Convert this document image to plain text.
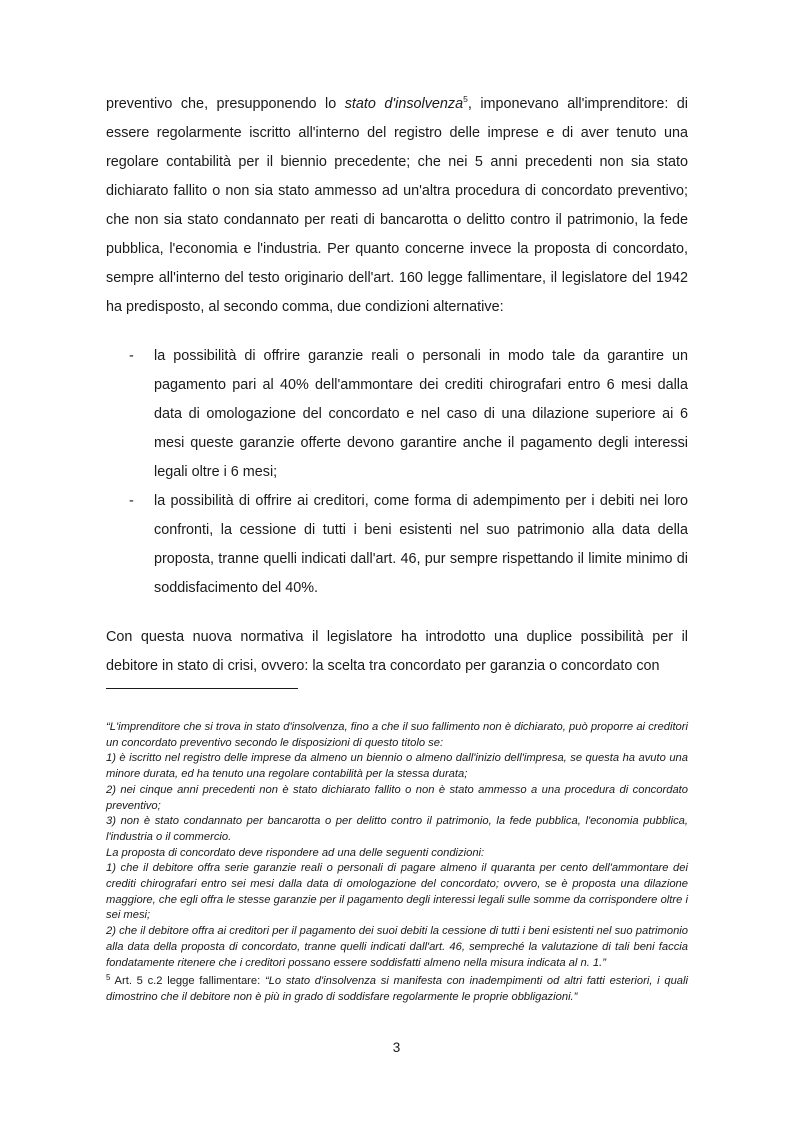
preventivo che, presupponendo lo stato d'insolvenza$^5$, imponevano all'imprenditore: di essere regolarmente iscritto all'interno del registro delle imprese e di aver tenuto una regolare contabilità per il biennio precedente; che nei 5 anni precedenti non sia stato dichiarato fallito o non sia stato ammesso ad un'altra procedura di concordato preventivo; che non sia stato condannato per reati di bancarotta o delitto contro il patrimonio, la fede pubblica, l'economia e l'industria. Per quanto concerne invece la proposta di concordato, sempre all'interno del testo originario dell'art. 160 legge fallimentare, il legislatore del 1942 ha predisposto, al secondo comma, due condizioni alternative:

- la possibilità di offrire garanzie reali o personali in modo tale da garantire un pagamento pari al 40% dell'ammontare dei crediti chirografari entro 6 mesi dalla data di omologazione del concordato e nel caso di una dilazione superiore ai 6 mesi queste garanzie offerte devono garantire anche il pagamento degli interessi legali oltre i 6 mesi;
- la possibilità di offrire ai creditori, come forma di adempimento per i debiti nei loro confronti, la cessione di tutti i beni esistenti nel suo patrimonio alla data della proposta, tranne quelli indicati dall'art. 46, pur sempre rispettando il limite minimo di soddisfacimento del 40%.

Con questa nuova normativa il legislatore ha introdotto una duplice possibilità per il debitore in stato di crisi, ovvero: la scelta tra concordato per garanzia o concordato con

“L'imprenditore che si trova in stato d'insolvenza, fino a che il suo fallimento non è dichiarato, può proporre ai creditori un concordato preventivo secondo le disposizioni di questo titolo se:

1) è iscritto nel registro delle imprese da almeno un biennio o almeno dall'inizio dell'impresa, se questa ha avuto una minore durata, ed ha tenuto una regolare contabilità per la stessa durata;

2) nei cinque anni precedenti non è stato dichiarato fallito o non è stato ammesso a una procedura di concordato preventivo;

3) non è stato condannato per bancarotta o per delitto contro il patrimonio, la fede pubblica, l'economia pubblica, l'industria o il commercio.

La proposta di concordato deve rispondere ad una delle seguenti condizioni:

1) che il debitore offra serie garanzie reali o personali di pagare almeno il quaranta per cento dell'ammontare dei crediti chirografari entro sei mesi dalla data di omologazione del concordato; ovvero, se è proposta una dilazione maggiore, che egli offra le stesse garanzie per il pagamento degli interessi legali sulle somme da corrispondere oltre i sei mesi;

2) che il debitore offra ai creditori per il pagamento dei suoi debiti la cessione di tutti i beni esistenti nel suo patrimonio alla data della proposta di concordato, tranne quelli indicati dall'art. 46, sempreché la valutazione di tali beni faccia fondatamente ritenere che i creditori possano essere soddisfatti almeno nella misura indicata al n. 1.”

$^5$ Art. 5 c.2 legge fallimentare: “Lo stato d'insolvenza si manifesta con inadempimenti od altri fatti esteriori, i quali dimostrino che il debitore non è più in grado di soddisfare regolarmente le proprie obbligazioni.”

3
